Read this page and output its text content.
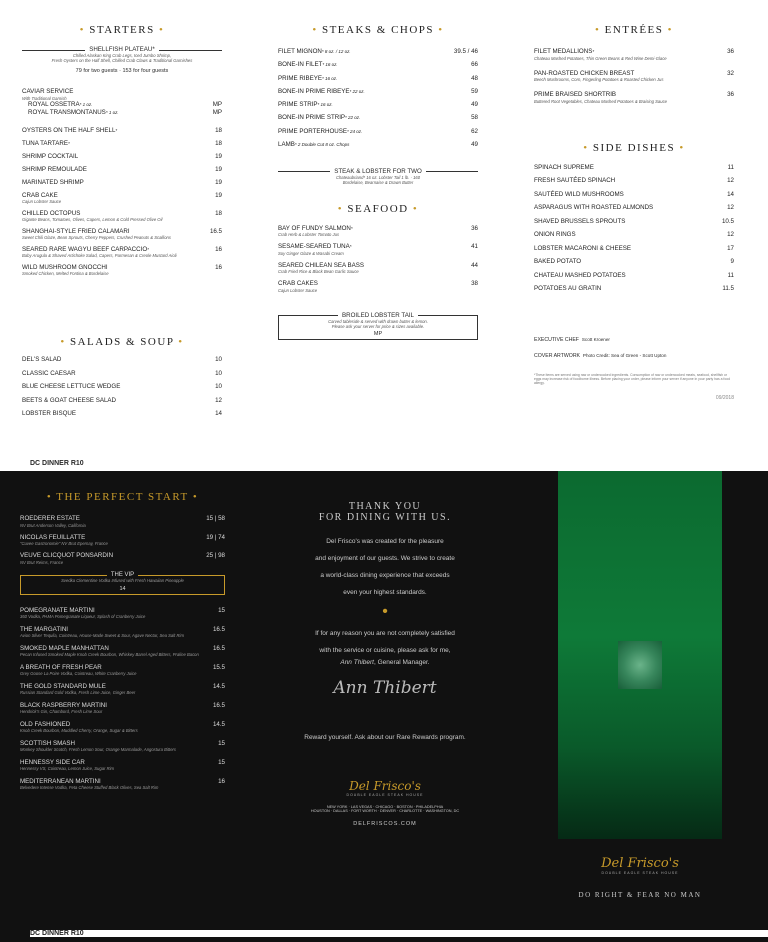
• STARTERS •
SHELLFISH PLATEAU*
Chilled Alaskan King Crab Legs, Iced Jumbo Shrimp,
Fresh Oysters on the Half Shell, Chilled Crab Claws & Traditional Garnishes
79 for two guests · 153 for four guests
CAVIAR SERVICE
With Traditional Garnish
ROYAL OSSETRA* 1 oz.	MP
ROYAL TRANSMONTANUS* 1 oz.	MP
OYSTERS ON THE HALF SHELL*	18
TUNA TARTARE*	18
SHRIMP COCKTAIL	19
SHRIMP REMOULADE	19
MARINATED SHRIMP	19
CRAB CAKE	19
Cajun Lobster Sauce
CHILLED OCTOPUS	18
Gigante Beans, Tomatoes, Olives, Capers, Lemon & Cold Pressed Olive Oil
SHANGHAI-STYLE FRIED CALAMARI	16.5
Sweet Chili Glaze, Bean Sprouts, Cherry Peppers, Crushed Peanuts & Scallions
SEARED RARE WAGYU BEEF CARPACCIO*	16
Baby Arugula & Shaved Artichoke Salad, Capers, Parmesan & Creole Mustard Aioli
WILD MUSHROOM GNOCCHI	16
Smoked Chicken, Melted Fontina & Bordelaise
• SALADS & SOUP •
DEL'S SALAD	10
CLASSIC CAESAR	10
BLUE CHEESE LETTUCE WEDGE	10
BEETS & GOAT CHEESE SALAD	12
LOBSTER BISQUE	14
• STEAKS & CHOPS •
FILET MIGNON* 8 oz. / 12 oz.	39.5 / 46
BONE-IN FILET* 16 oz.	66
PRIME RIBEYE* 16 oz.	48
BONE-IN PRIME RIBEYE* 22 oz.	59
PRIME STRIP* 16 oz.	49
BONE-IN PRIME STRIP* 22 oz.	58
PRIME PORTERHOUSE* 24 oz.	62
LAMB* 2 Double Cut 8 oz. Chops	49
STEAK & LOBSTER FOR TWO
Chateaubriand* 16 oz. Lobster Tail 1 lb. · 160
Bordelaise, Bearnaise & Drawn Butter
• SEAFOOD •
BAY OF FUNDY SALMON*	36
Crab Herb & Lobster Tomato Jus
SESAME-SEARED TUNA*	41
Soy Ginger Glaze & Wasabi Cream
SEARED CHILEAN SEA BASS	44
Crab Fried Rice & Black Bean Garlic Sauce
CRAB CAKES	38
Cajun Lobster Sauce
BROILED LOBSTER TAIL
Carved tableside & served with drawn butter & lemon.
Please ask your server for price & sizes available.
MP
• ENTRÉES •
FILET MEDALLIONS*	36
Chateau Mashed Potatoes, Thin Green Beans & Red Wine Demi-Glace
PAN-ROASTED CHICKEN BREAST	32
Beech Mushrooms, Corn, Fingerling Potatoes & Roasted Chicken Jus
PRIME BRAISED SHORTRIB	36
Buttered Root Vegetables, Chateau Mashed Potatoes & Braising Sauce
• SIDE DISHES •
SPINACH SUPREME	11
FRESH SAUTÉED SPINACH	12
SAUTÉED WILD MUSHROOMS	14
ASPARAGUS WITH ROASTED ALMONDS	12
SHAVED BRUSSELS SPROUTS	10.5
ONION RINGS	12
LOBSTER MACARONI & CHEESE	17
BAKED POTATO	9
CHATEAU MASHED POTATOES	11
POTATOES AU GRATIN	11.5
EXECUTIVE CHEF Scott Kroener
COVER ARTWORK Photo Credit: Sea of Green - Scott Upton
*These items are served using raw or undercooked ingredients. Consumption of raw or undercooked meats, seafood, shellfish or eggs may increase risk of foodborne illness. Before placing your order, please inform your server if anyone in your party has a food allergy.
09/2018
DC DINNER R10
• THE PERFECT START •
ROEDERER ESTATE	15 | 58
NV Brut Anderson Valley, California
NICOLAS FEUILLATTE	19 | 74
"Cuvee Gastronomie" NV Brut Epernay, France
VEUVE CLICQUOT PONSARDIN	25 | 98
NV Brut Reims, France
THE VIP
Svedka Clementine Vodka Infused with Fresh Hawaiian Pineapple
14
POMEGRANATE MARTINI	15
360 Vodka, PAMA Pomegranate Liqueur, Splash of Cranberry Juice
THE MARGATINI	16.5
Avion Silver Tequila, Cointreau, House-Made Sweet & Sour, Agave Nectar, Sea Salt Rim
SMOKED MAPLE MANHATTAN	16.5
Pecan Infused Smoked Maple Knob Creek Bourbon, Whiskey Barrel Aged Bitters, Praline Bacon
A BREATH OF FRESH PEAR	15.5
Grey Goose La Poire Vodka, Cointreau, White Cranberry Juice
THE GOLD STANDARD MULE	14.5
Russian Standard Gold Vodka, Fresh Lime Juice, Ginger Beer
BLACK RASPBERRY MARTINI	16.5
Hendrick's Gin, Chambord, Fresh Lime Sour
OLD FASHIONED	14.5
Knob Creek Bourbon, Muddled Cherry, Orange, Sugar & Bitters
SCOTTISH SMASH	15
Monkey Shoulder Scotch, Fresh Lemon Sour, Orange Marmalade, Angostura Bitters
HENNESSY SIDE CAR	15
Hennessy VS, Cointreau, Lemon Juice, Sugar Rim
MEDITERRANEAN MARTINI	16
Belvedere Intense Vodka, Feta Cheese Stuffed Black Olives, Sea Salt Rim
THANK YOU
FOR DINING WITH US.
Del Frisco's was created for the pleasure
and enjoyment of our guests. We strive to create
a world-class dining experience that exceeds
even your highest standards.
•
If for any reason you are not completely satisfied
with the service or cuisine, please ask for me,
Ann Thibert, General Manager.
Ann Thibert
Reward yourself. Ask about our Rare Rewards program.
Del Frisco's
DOUBLE EAGLE STEAK HOUSE
NEW YORK · LAS VEGAS · CHICAGO · BOSTON · PHILADELPHIA
HOUSTON · DALLAS · FORT WORTH · DENVER · CHARLOTTE · WASHINGTON, DC
DELFRISCOS.COM
Del Frisco's
DOUBLE EAGLE STEAK HOUSE
DO RIGHT & FEAR NO MAN
DC DINNER R10
